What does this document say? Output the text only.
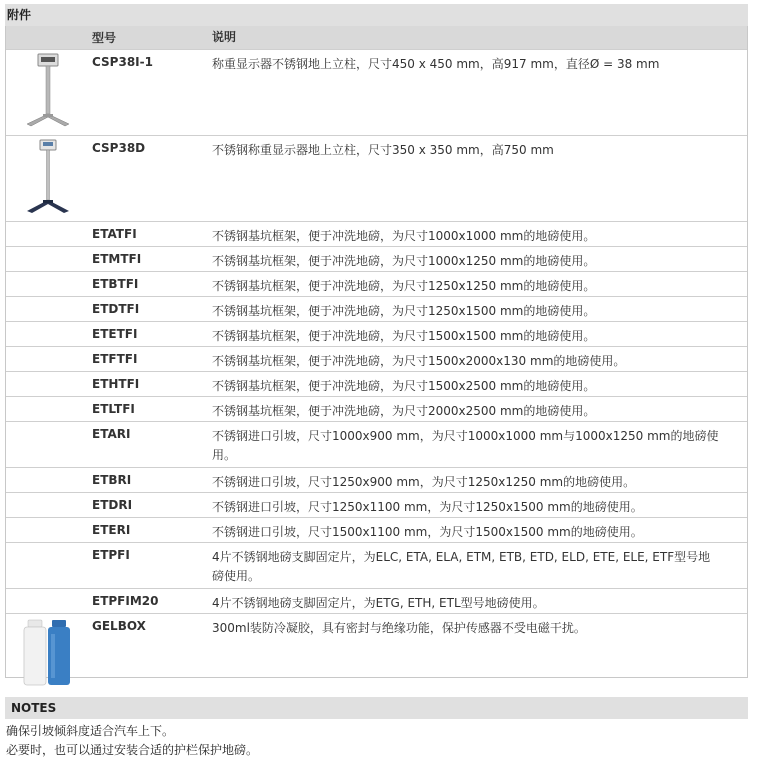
附件
	型号	说明

	CSP38I-1	称重显示器不锈钢地上立柱，尺寸450 x 450 mm，高917 mm，直径Ø = 38 mm

	CSP38D	不锈钢称重显示器地上立柱，尺寸350 x 350 mm，高750 mm
	ETATFI	不锈钢基坑框架，便于冲洗地磅，为尺寸1000x1000 mm的地磅使用。
	ETMTFI	不锈钢基坑框架，便于冲洗地磅，为尺寸1000x1250 mm的地磅使用。
	ETBTFI	不锈钢基坑框架，便于冲洗地磅，为尺寸1250x1250 mm的地磅使用。
	ETDTFI	不锈钢基坑框架，便于冲洗地磅，为尺寸1250x1500 mm的地磅使用。
	ETETFI	不锈钢基坑框架，便于冲洗地磅，为尺寸1500x1500 mm的地磅使用。
	ETFTFI	不锈钢基坑框架，便于冲洗地磅，为尺寸1500x2000x130 mm的地磅使用。
	ETHTFI	不锈钢基坑框架，便于冲洗地磅，为尺寸1500x2500 mm的地磅使用。
	ETLTFI	不锈钢基坑框架，便于冲洗地磅，为尺寸2000x2500 mm的地磅使用。
	ETARI	不锈钢进口引坡，尺寸1000x900 mm，为尺寸1000x1000 mm与1000x1250 mm的地磅使用。
	ETBRI	不锈钢进口引坡，尺寸1250x900 mm，为尺寸1250x1250 mm的地磅使用。
	ETDRI	不锈钢进口引坡，尺寸1250x1100 mm，为尺寸1250x1500 mm的地磅使用。
	ETERI	不锈钢进口引坡，尺寸1500x1100 mm，为尺寸1500x1500 mm的地磅使用。
	ETPFI	4片不锈钢地磅支脚固定片，为ELC, ETA, ELA, ETM, ETB, ETD, ELD, ETE, ELE, ETF型号地磅使用。
	ETPFIM20	4片不锈钢地磅支脚固定片，为ETG, ETH, ETL型号地磅使用。

	GELBOX	300ml装防冷凝胶，具有密封与绝缘功能，保护传感器不受电磁干扰。
NOTES
确保引坡倾斜度适合汽车上下。
必要时，也可以通过安装合适的护栏保护地磅。
